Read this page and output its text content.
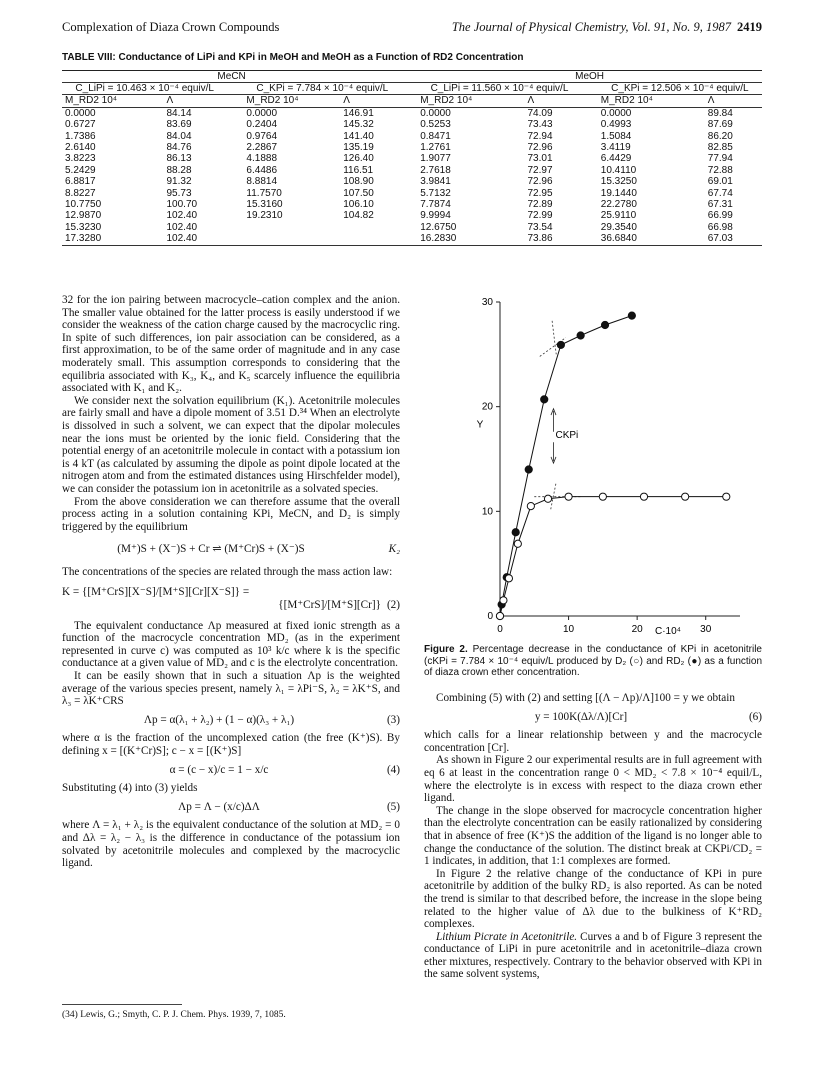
Complexation of Diaza Crown Compounds	The Journal of Physical Chemistry, Vol. 91, No. 9, 1987 2419
TABLE VIII: Conductance of LiPi and KPi in MeOH and MeOH as a Function of RD2 Concentration
MeCN						MeOH				
C_LiPi = 10.463 × 10⁻⁴ equiv/L			C_KPi = 7.784 × 10⁻⁴ equiv/L			C_LiPi = 11.560 × 10⁻⁴ equiv/L			C_KPi = 12.506 × 10⁻⁴ equiv/L	
M_RD2 10⁴	Λ		M_RD2 10⁴	Λ		M_RD2 10⁴	Λ		M_RD2 10⁴	Λ
0.0000	84.14		0.0000	146.91		0.0000	74.09		0.0000	89.84
0.6727	83.69		0.2404	145.32		0.5253	73.43		0.4993	87.69
1.7386	84.04		0.9764	141.40		0.8471	72.94		1.5084	86.20
2.6140	84.76		2.2867	135.19		1.2761	72.96		3.4119	82.85
3.8223	86.13		4.1888	126.40		1.9077	73.01		6.4429	77.94
5.2429	88.28		6.4486	116.51		2.7618	72.97		10.4110	72.88
6.8817	91.32		8.8814	108.90		3.9841	72.96		15.3250	69.01
8.8227	95.73		11.7570	107.50		5.7132	72.95		19.1440	67.74
10.7750	100.70		15.3160	106.10		7.7874	72.89		22.2780	67.31
12.9870	102.40		19.2310	104.82		9.9994	72.99		25.9110	66.99
15.3230	102.40					12.6750	73.54		29.3540	66.98
17.3280	102.40					16.2830	73.86		36.6840	67.03

32 for the ion pairing between macrocycle–cation complex and the anion. The smaller value obtained for the latter process is easily understood if we consider the weakness of the cation charge caused by the macrocyclic ring. In spite of such differences, ion pair association can be considered, as a first approximation, to be of the same order of magnitude and in any case moderately small. This assumption corresponds to considering that the equilibria associated with K₃, K₄, and K₅ scarcely influence the equilibria associated with K₁ and K₂.

We consider next the solvation equilibrium (K₁). Acetonitrile molecules are fairly small and have a dipole moment of 3.51 D.³⁴ When an electrolyte is dissolved in such a solvent, we can expect that the dipolar molecules near the ions must be oriented by the ionic field. Considering that the potential energy of an acetonitrile molecule in contact with a potassium ion is 4 kT (as calculated by assuming the dipole as point dipole located at the nitrogen atom and from the estimated distances using Hirschfelder model), we can consider the potassium ion in acetonitrile as a solvated species.

From the above consideration we can therefore assume that the overall process acting in a solution containing KPi, MeCN, and D₂ is simply triggered by the equilibrium

(M⁺)S + (X⁻)S + Cr ⇌ (M⁺Cr)S + (X⁻)S	K₂

The concentrations of the species are related through the mass action law:

K = {[M⁺CrS][X⁻S]/[M⁺S][Cr][X⁻S]} =
{[M⁺CrS]/[M⁺S][Cr]} (2)

The equivalent conductance Λp measured at fixed ionic strength as a function of the macrocycle concentration MD₂ (as in the experiment represented in curve c) was computed as 10³ k/c where k is the specific conductance at a given value of MD₂ and c is the electrolyte concentration.

It can be easily shown that in such a situation Λp is the weighted average of the various species present, namely λ₁ = λPi⁻S, λ₂ = λK⁺S, and λ₃ = λK⁺CRS

Λp = α(λ₁ + λ₂) + (1 − α)(λ₃ + λ₁)	(3)

where α is the fraction of the uncomplexed cation (the free (K⁺)S). By defining x = [(K⁺Cr)S]; c − x = [(K⁺)S]

α = (c − x)/c = 1 − x/c	(4)

Substituting (4) into (3) yields

Λp = Λ − (x/c)ΔΛ	(5)

where Λ = λ₁ + λ₂ is the equivalent conductance of the solution at MD₂ = 0 and Δλ = λ₂ − λ₃ is the difference in conductance of the potassium ion solvated by acetonitrile molecules and complexed by the macrocyclic ligand.

(34) Lewis, G.; Smyth, C. P. J. Chem. Phys. 1939, 7, 1085.
0	10	20	30
0
10
20
30
Y
C·10⁴
CKPi
Figure 2. Percentage decrease in the conductance of KPi in acetonitrile (cKPi = 7.784 × 10⁻⁴ equiv/L produced by D₂ (○) and RD₂ (●) as a function of diaza crown ether concentration.

Combining (5) with (2) and setting [(Λ − Λp)/Λ]100 = y we obtain

y = 100K(Δλ/Λ)[Cr]	(6)

which calls for a linear relationship between y and the macrocycle concentration [Cr].

As shown in Figure 2 our experimental results are in full agreement with eq 6 at least in the concentration range 0 < MD₂ < 7.8 × 10⁻⁴ equil/L, where the electrolyte is in excess with respect to the diaza crown ether ligand.

The change in the slope observed for macrocycle concentration higher than the electrolyte concentration can be easily rationalized by considering that in absence of free (K⁺)S the addition of the ligand is no longer able to change the conductance of the solution. The distinct break at CKPi/CD₂ = 1 indicates, in addition, that 1:1 complexes are formed.

In Figure 2 the relative change of the conductance of KPi in pure acetonitrile by addition of the bulky RD₂ is also reported. As can be noted the trend is similar to that described before, the increase in the slope being related to the higher value of Δλ due to the bulkiness of K⁺RD₂ complexes.

Lithium Picrate in Acetonitrile. Curves a and b of Figure 3 represent the conductance of LiPi in pure acetonitrile and in acetonitrile–diaza crown ether mixtures, respectively. Contrary to the behavior observed with KPi in the same solvent systems,
